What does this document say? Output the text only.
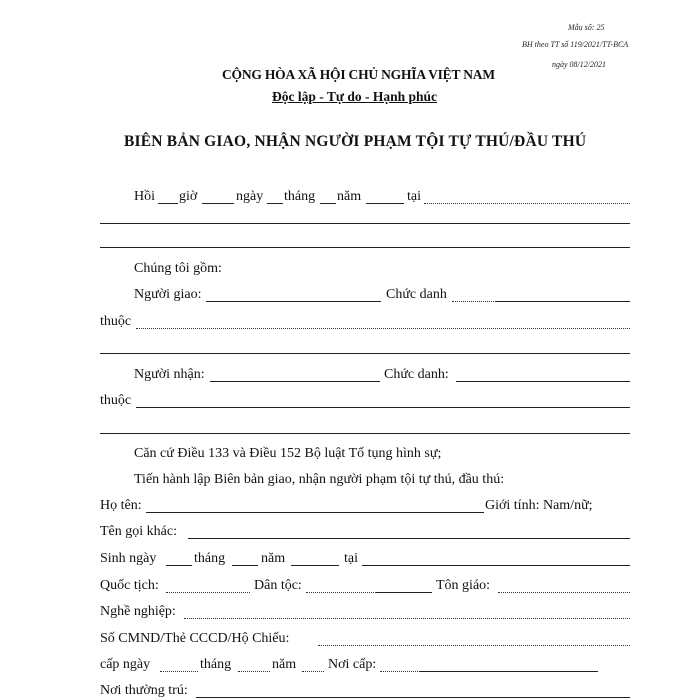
Mẫu số: 25
BH theo TT số 119/2021/TT-BCA
ngày 08/12/2021
CỘNG HÒA XÃ HỘI CHỦ NGHĨA VIỆT NAM
Độc lập - Tự do - Hạnh phúc
BIÊN BẢN GIAO, NHẬN NGƯỜI PHẠM TỘI TỰ THÚ/ĐẦU THÚ
Hồi giờ	ngày tháng năm	tại
Chúng tôi gồm:
Người giao:	Chức danh
thuộc
Người nhận:	Chức danh:
thuộc
Căn cứ Điều 133 và Điều 152 Bộ luật Tố tụng hình sự;
Tiến hành lập Biên bản giao, nhận người phạm tội tự thú, đầu thú:
Họ tên:	Giới tính: Nam/nữ;
Tên gọi khác:
Sinh ngày	tháng	năm	tại
Quốc tịch:	Dân tộc:	Tôn giáo:
Nghề nghiệp:
Số CMND/Thẻ CCCD/Hộ Chiếu:
cấp ngày	tháng	năm Nơi cấp:
Nơi thường trú:
